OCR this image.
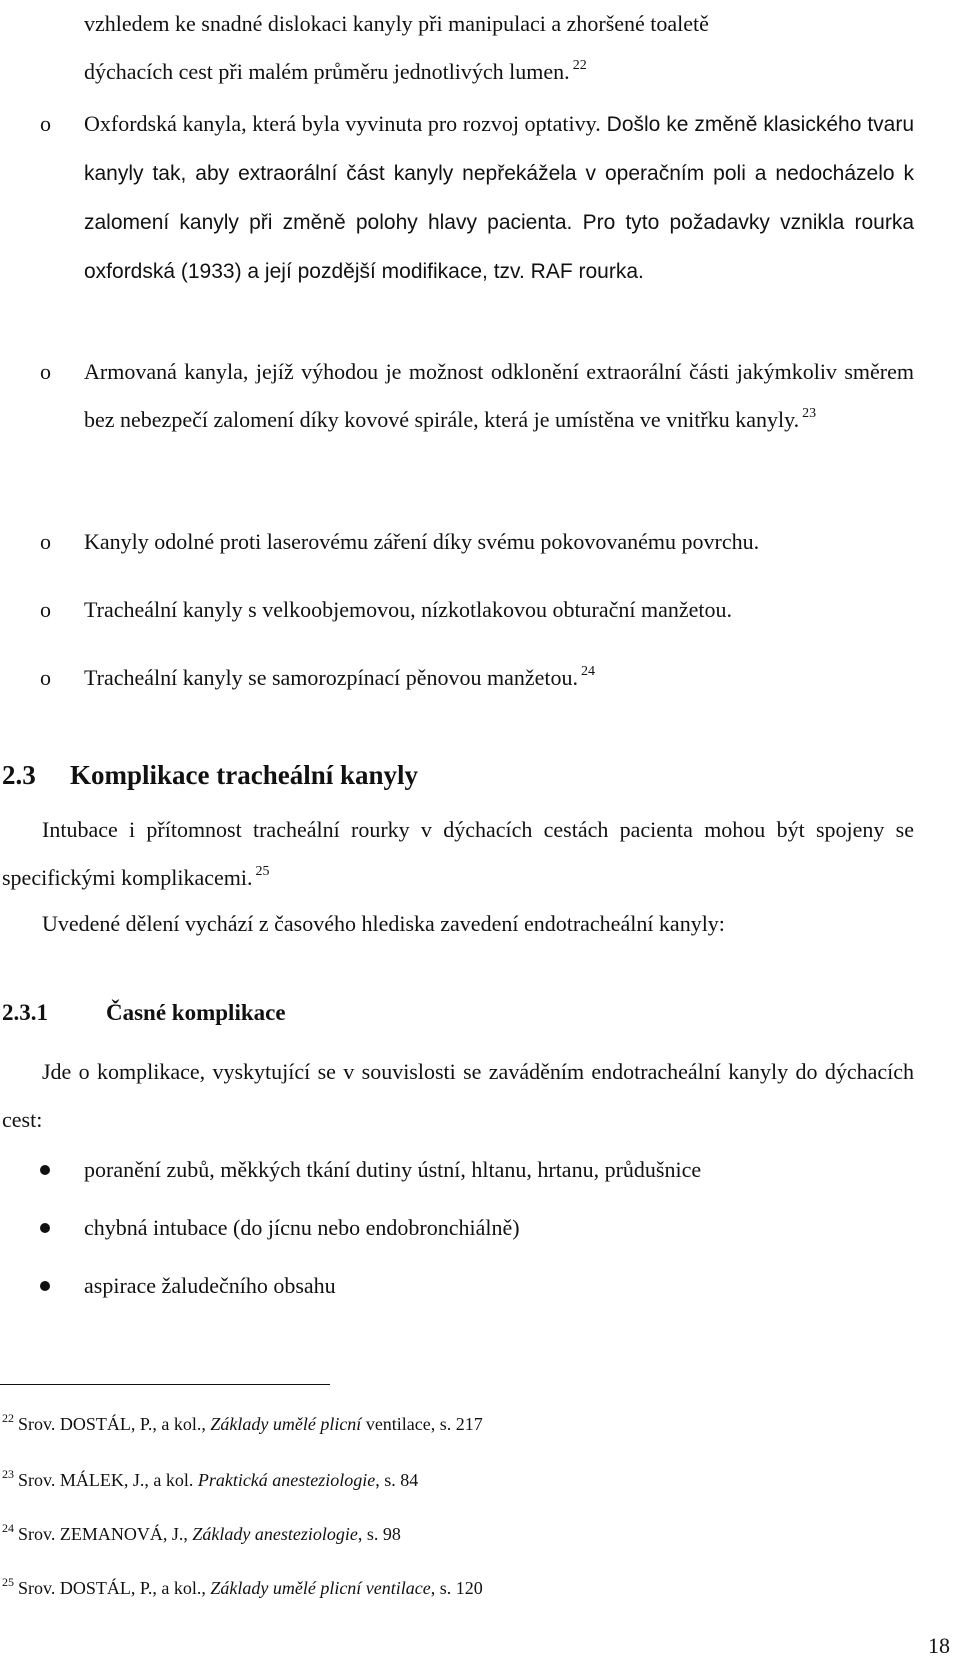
vzhledem ke snadné dislokaci kanyly při manipulaci a zhoršené toaletě
dýchacích cest při malém průměru jednotlivých lumen. $^{22}$
o	Oxfordská kanyla, která byla vyvinuta pro rozvoj optativy. Došlo ke změně klasického tvaru kanyly tak, aby extraorální část kanyly nepřekážela v operačním poli a nedocházelo k zalomení kanyly při změně polohy hlavy pacienta. Pro tyto požadavky vznikla rourka oxfordská (1933) a její pozdější modifikace, tzv. RAF rourka.
o	Armovaná kanyla, jejíž výhodou je možnost odklonění extraorální části jakýmkoliv směrem bez nebezpečí zalomení díky kovové spirále, která je umístěna ve vnitřku kanyly. $^{23}$
o	Kanyly odolné proti laserovému záření díky svému pokovovanému povrchu.
o	Tracheální kanyly s velkoobjemovou, nízkotlakovou obturační manžetou.
o	Tracheální kanyly se samorozpínací pěnovou manžetou. $^{24}$
2.3 Komplikace tracheální kanyly
Intubace i přítomnost tracheální rourky v dýchacích cestách pacienta mohou být spojeny se specifickými komplikacemi. $^{25}$
Uvedené dělení vychází z časového hlediska zavedení endotracheální kanyly:
2.3.1	Časné komplikace
Jde o komplikace, vyskytující se v souvislosti se zaváděním endotracheální kanyly do dýchacích cest:
poranění zubů, měkkých tkání dutiny ústní, hltanu, hrtanu, průdušnice
chybná intubace (do jícnu nebo endobronchiálně)
aspirace žaludečního obsahu
$^{22}$ Srov. DOSTÁL, P., a kol., Základy umělé plicní ventilace, s. 217
$^{23}$ Srov. MÁLEK, J., a kol. Praktická anesteziologie, s. 84
$^{24}$ Srov. ZEMANOVÁ, J., Základy anesteziologie, s. 98
$^{25}$ Srov. DOSTÁL, P., a kol., Základy umělé plicní ventilace, s. 120
18
